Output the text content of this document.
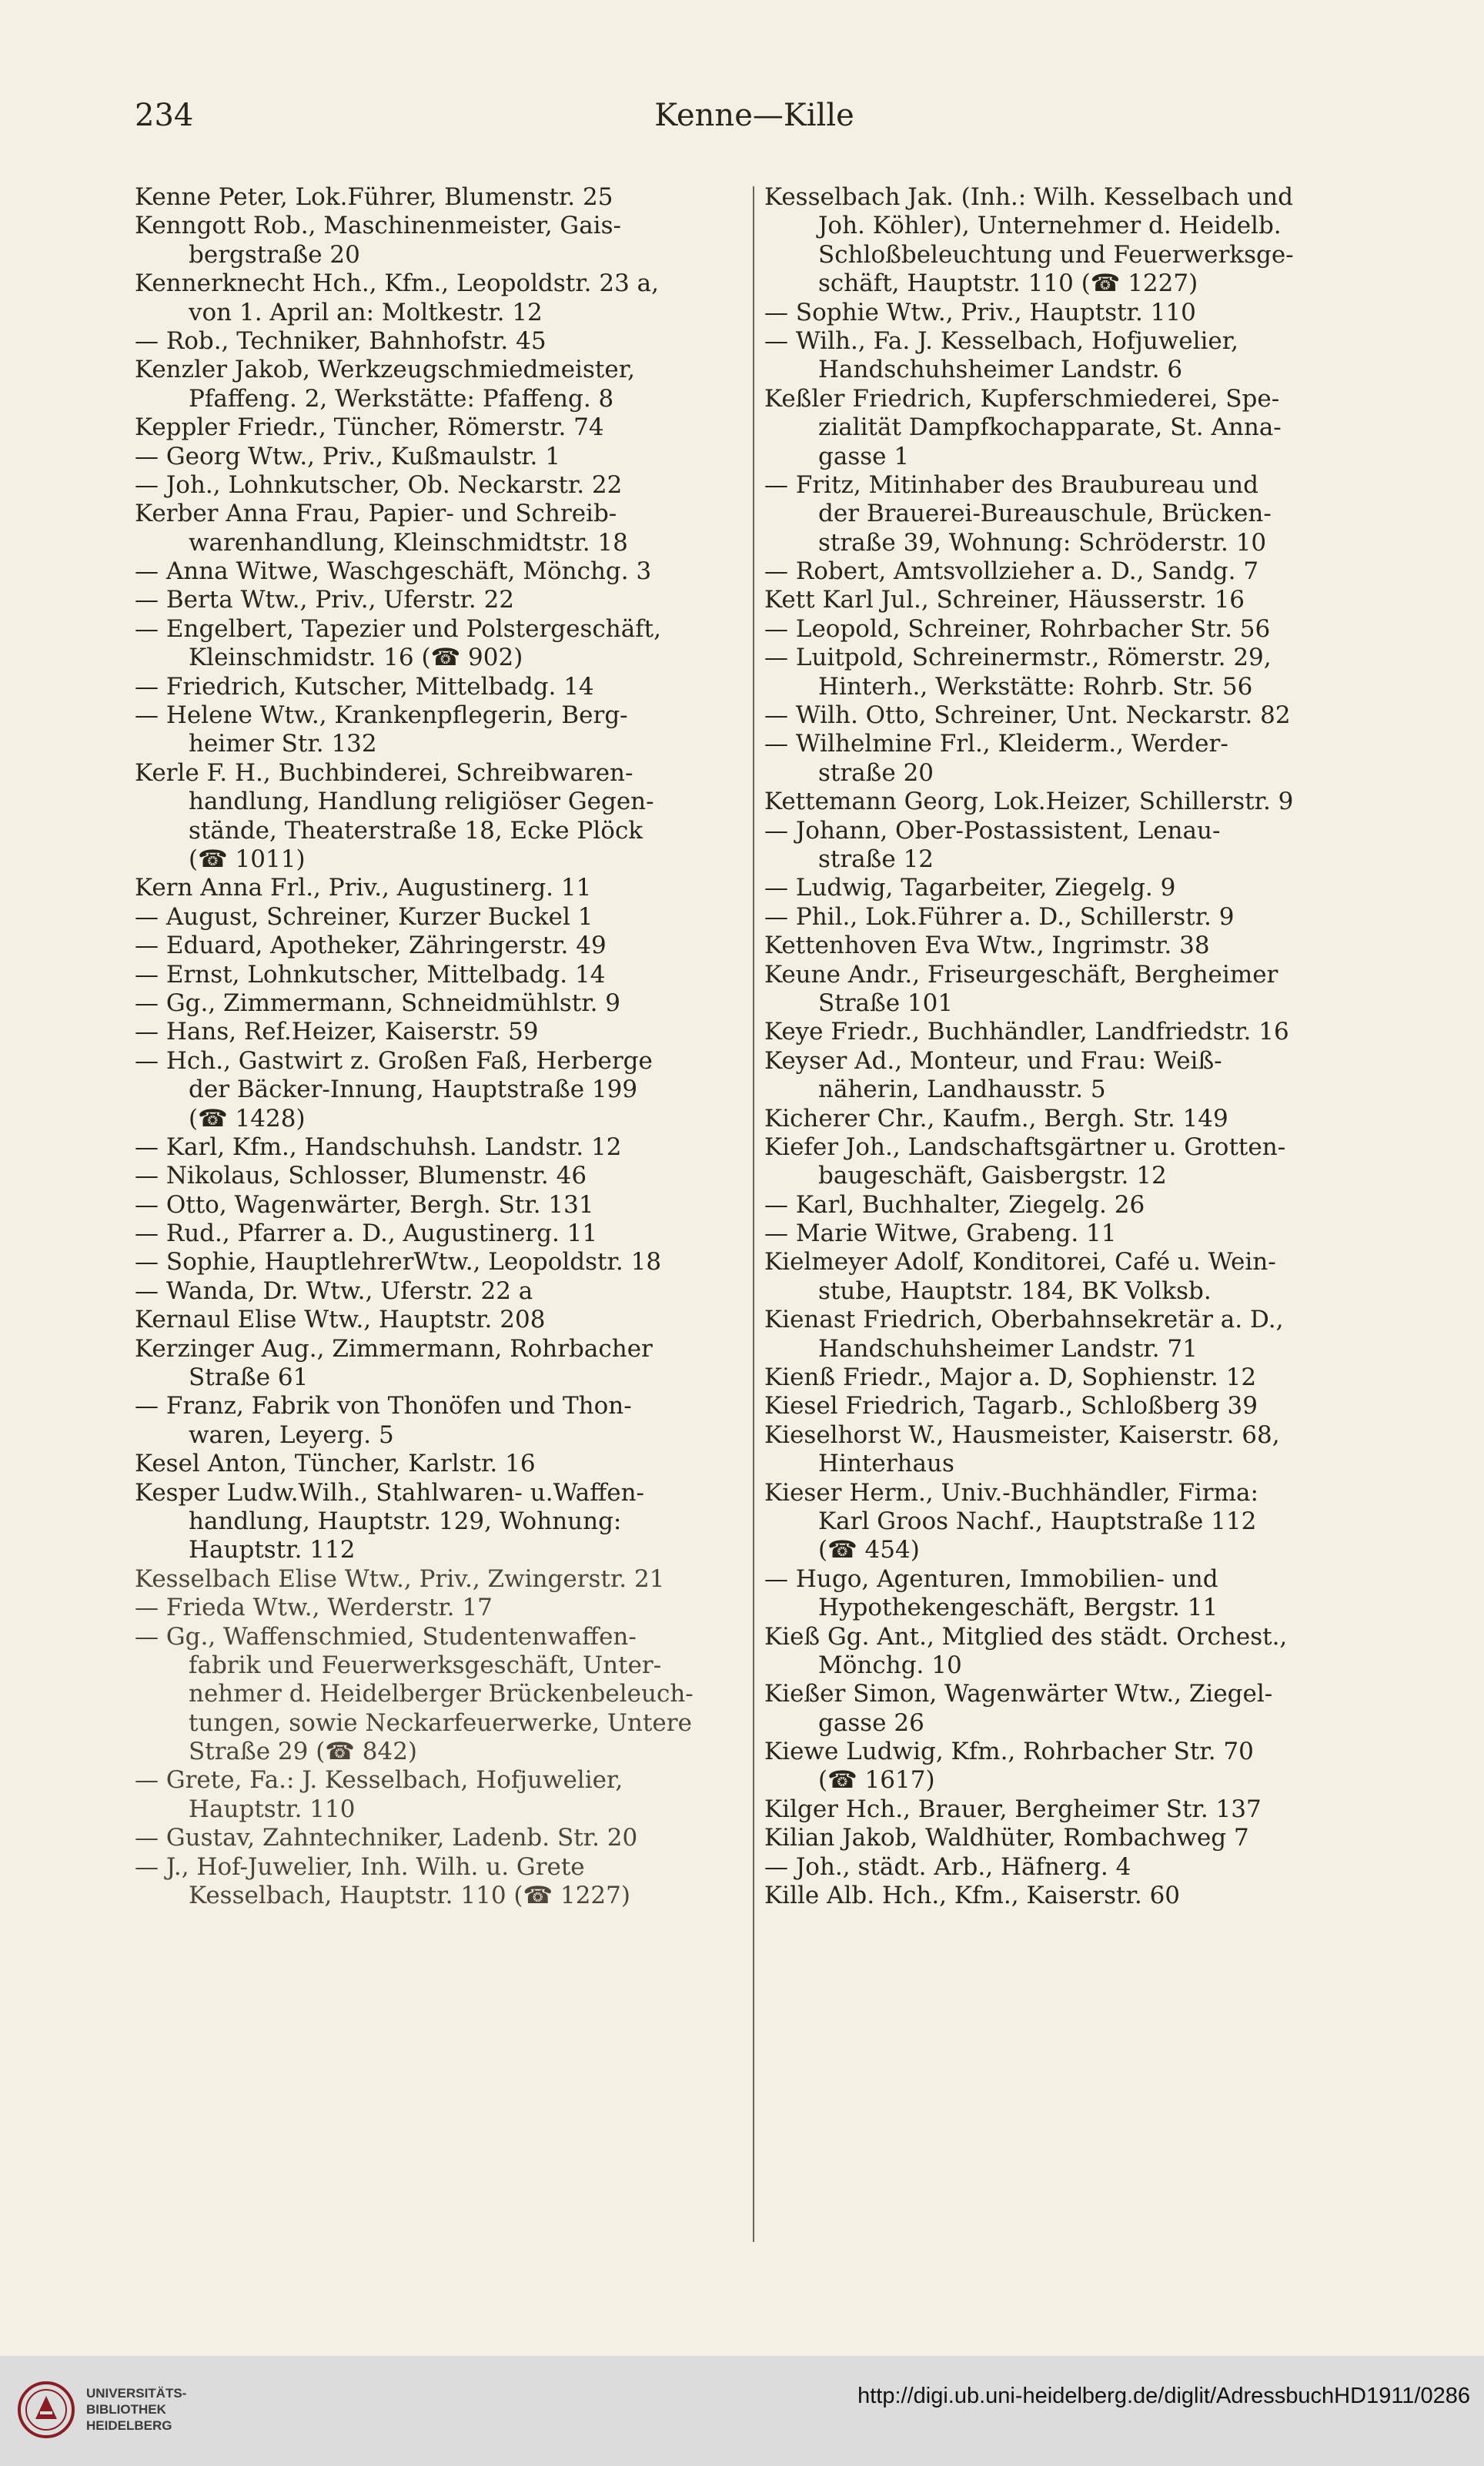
234	Kenne—Kille
Kenne Peter, Lok.Führer, Blumenstr. 25
Kenngott Rob., Maschinenmeister, Gais-
bergstraße 20
Kennerknecht Hch., Kfm., Leopoldstr. 23 a,
von 1. April an: Moltkestr. 12
— Rob., Techniker, Bahnhofstr. 45
Kenzler Jakob, Werkzeugschmiedmeister,
Pfaffeng. 2, Werkstätte: Pfaffeng. 8
Keppler Friedr., Tüncher, Römerstr. 74
— Georg Wtw., Priv., Kußmaulstr. 1
— Joh., Lohnkutscher, Ob. Neckarstr. 22
Kerber Anna Frau, Papier- und Schreib-
warenhandlung, Kleinschmidtstr. 18
— Anna Witwe, Waschgeschäft, Mönchg. 3
— Berta Wtw., Priv., Uferstr. 22
— Engelbert, Tapezier und Polstergeschäft,
Kleinschmidstr. 16 (☎ 902)
— Friedrich, Kutscher, Mittelbadg. 14
— Helene Wtw., Krankenpflegerin, Berg-
heimer Str. 132
Kerle F. H., Buchbinderei, Schreibwaren-
handlung, Handlung religiöser Gegen-
stände, Theaterstraße 18, Ecke Plöck
(☎ 1011)
Kern Anna Frl., Priv., Augustinerg. 11
— August, Schreiner, Kurzer Buckel 1
— Eduard, Apotheker, Zähringerstr. 49
— Ernst, Lohnkutscher, Mittelbadg. 14
— Gg., Zimmermann, Schneidmühlstr. 9
— Hans, Ref.Heizer, Kaiserstr. 59
— Hch., Gastwirt z. Großen Faß, Herberge
der Bäcker-Innung, Hauptstraße 199
(☎ 1428)
— Karl, Kfm., Handschuhsh. Landstr. 12
— Nikolaus, Schlosser, Blumenstr. 46
— Otto, Wagenwärter, Bergh. Str. 131
— Rud., Pfarrer a. D., Augustinerg. 11
— Sophie, HauptlehrerWtw., Leopoldstr. 18
— Wanda, Dr. Wtw., Uferstr. 22 a
Kernaul Elise Wtw., Hauptstr. 208
Kerzinger Aug., Zimmermann, Rohrbacher
Straße 61
— Franz, Fabrik von Thonöfen und Thon-
waren, Leyerg. 5
Kesel Anton, Tüncher, Karlstr. 16
Kesper Ludw.Wilh., Stahlwaren- u.Waffen-
handlung, Hauptstr. 129, Wohnung:
Hauptstr. 112
Kesselbach Elise Wtw., Priv., Zwingerstr. 21
— Frieda Wtw., Werderstr. 17
— Gg., Waffenschmied, Studentenwaffen-
fabrik und Feuerwerksgeschäft, Unter-
nehmer d. Heidelberger Brückenbeleuch-
tungen, sowie Neckarfeuerwerke, Untere
Straße 29 (☎ 842)
— Grete, Fa.: J. Kesselbach, Hofjuwelier,
Hauptstr. 110
— Gustav, Zahntechniker, Ladenb. Str. 20
— J., Hof-Juwelier, Inh. Wilh. u. Grete
Kesselbach, Hauptstr. 110 (☎ 1227)
Kesselbach Jak. (Inh.: Wilh. Kesselbach und
Joh. Köhler), Unternehmer d. Heidelb.
Schloßbeleuchtung und Feuerwerksge-
schäft, Hauptstr. 110 (☎ 1227)
— Sophie Wtw., Priv., Hauptstr. 110
— Wilh., Fa. J. Kesselbach, Hofjuwelier,
Handschuhsheimer Landstr. 6
Keßler Friedrich, Kupferschmiederei, Spe-
zialität Dampfkochapparate, St. Anna-
gasse 1
— Fritz, Mitinhaber des Braubureau und
der Brauerei-Bureauschule, Brücken-
straße 39, Wohnung: Schröderstr. 10
— Robert, Amtsvollzieher a. D., Sandg. 7
Kett Karl Jul., Schreiner, Häusserstr. 16
— Leopold, Schreiner, Rohrbacher Str. 56
— Luitpold, Schreinermstr., Römerstr. 29,
Hinterh., Werkstätte: Rohrb. Str. 56
— Wilh. Otto, Schreiner, Unt. Neckarstr. 82
— Wilhelmine Frl., Kleiderm., Werder-
straße 20
Kettemann Georg, Lok.Heizer, Schillerstr. 9
— Johann, Ober-Postassistent, Lenau-
straße 12
— Ludwig, Tagarbeiter, Ziegelg. 9
— Phil., Lok.Führer a. D., Schillerstr. 9
Kettenhoven Eva Wtw., Ingrimstr. 38
Keune Andr., Friseurgeschäft, Bergheimer
Straße 101
Keye Friedr., Buchhändler, Landfriedstr. 16
Keyser Ad., Monteur, und Frau: Weiß-
näherin, Landhausstr. 5
Kicherer Chr., Kaufm., Bergh. Str. 149
Kiefer Joh., Landschaftsgärtner u. Grotten-
baugeschäft, Gaisbergstr. 12
— Karl, Buchhalter, Ziegelg. 26
— Marie Witwe, Grabeng. 11
Kielmeyer Adolf, Konditorei, Café u. Wein-
stube, Hauptstr. 184, BK Volksb.
Kienast Friedrich, Oberbahnsekretär a. D.,
Handschuhsheimer Landstr. 71
Kienß Friedr., Major a. D, Sophienstr. 12
Kiesel Friedrich, Tagarb., Schloßberg 39
Kieselhorst W., Hausmeister, Kaiserstr. 68,
Hinterhaus
Kieser Herm., Univ.-Buchhändler, Firma:
Karl Groos Nachf., Hauptstraße 112
(☎ 454)
— Hugo, Agenturen, Immobilien- und
Hypothekengeschäft, Bergstr. 11
Kieß Gg. Ant., Mitglied des städt. Orchest.,
Mönchg. 10
Kießer Simon, Wagenwärter Wtw., Ziegel-
gasse 26
Kiewe Ludwig, Kfm., Rohrbacher Str. 70
(☎ 1617)
Kilger Hch., Brauer, Bergheimer Str. 137
Kilian Jakob, Waldhüter, Rombachweg 7
— Joh., städt. Arb., Häfnerg. 4
Kille Alb. Hch., Kfm., Kaiserstr. 60
UNIVERSITÄTS-
BIBLIOTHEK
HEIDELBERG
http://digi.ub.uni-heidelberg.de/diglit/AdressbuchHD1911/0286
